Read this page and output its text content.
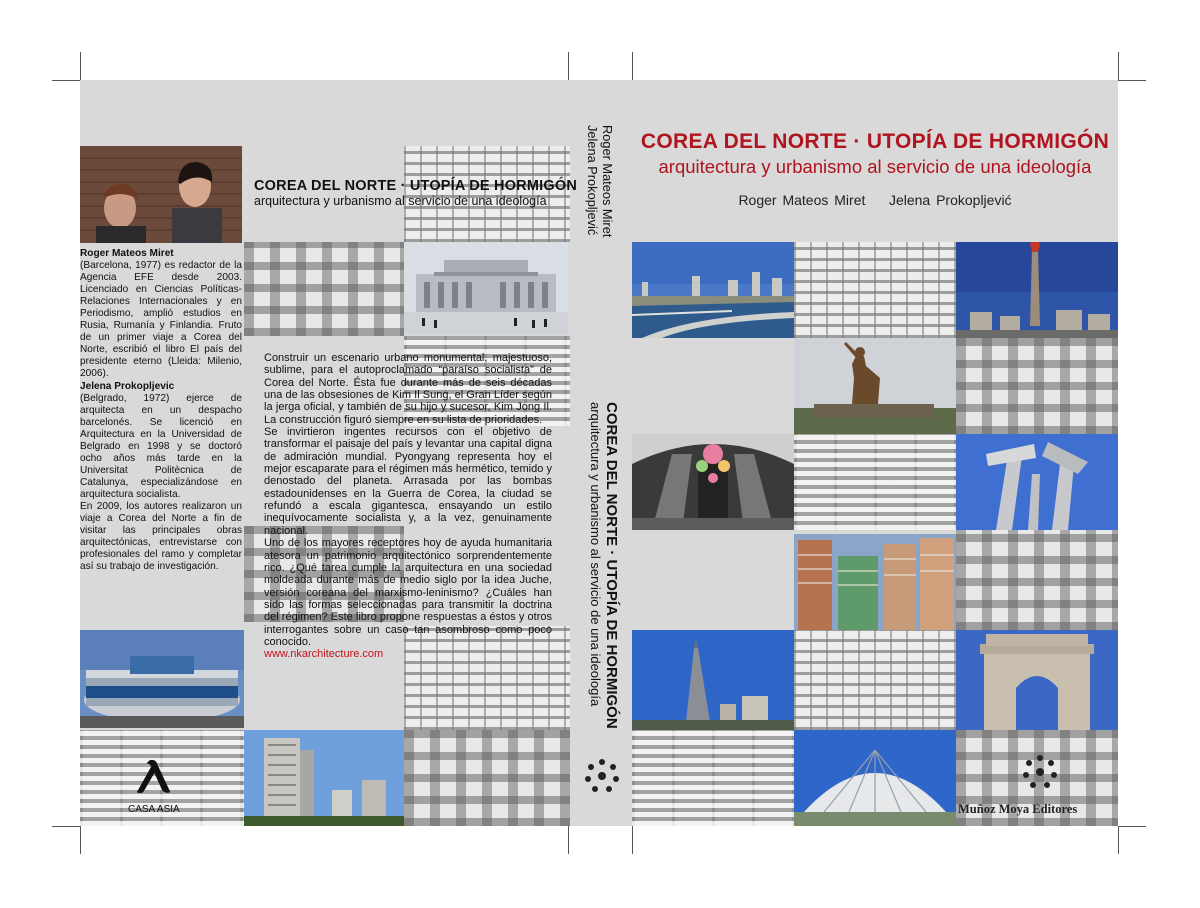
COREA DEL NORTE · UTOPÍA DE HORMIGÓN
arquitectura y urbanismo al servicio de una ideología

Roger Mateos Miret
(Barcelona, 1977) es redactor de la Agencia EFE desde 2003. Licenciado en Ciencias Políticas-Relaciones Internacionales y en Periodismo, amplió estudios en Rusia, Rumanía y Finlandia. Fruto de un primer viaje a Corea del Norte, escribió el libro El país del presidente eterno (Lleida: Milenio, 2006).

Jelena Prokopljevic
(Belgrado, 1972) ejerce de arquitecta en un despacho barcelonés. Se licenció en Arquitectura en la Universidad de Belgrado en 1998 y se doctoró ocho años más tarde en la Universitat Politècnica de Catalunya, especializándose en arquitectura socialista.

En 2009, los autores realizaron un viaje a Corea del Norte a fin de visitar las principales obras arquitectónicas, entrevistarse con profesionales del ramo y completar así su trabajo de investigación.

Construir un escenario urbano monumental, majestuoso, sublime, para el autoproclamado “paraíso socialista” de Corea del Norte. Ésta fue durante más de seis décadas una de las obsesiones de Kim Il Sung, el Gran Líder según la jerga oficial, y también de su hijo y sucesor, Kim Jong Il. La construcción figuró siempre en su lista de prioridades.

Se invirtieron ingentes recursos con el objetivo de transformar el paisaje del país y levantar una capital digna de admiración mundial. Pyongyang representa hoy el mejor escaparate para el régimen más hermético, temido y denostado del planeta. Arrasada por las bombas estadounidenses en la Guerra de Corea, la ciudad se refundó a escala gigantesca, ensayando un estilo inequívocamente socialista y, a la vez, genuinamente nacional.

Uno de los mayores receptores hoy de ayuda humanitaria atesora un patrimonio arquitectónico sorprendentemente rico. ¿Qué tarea cumple la arquitectura en una sociedad moldeada durante más de medio siglo por la idea Juche, versión coreana del marxismo-leninismo? ¿Cuáles han sido las formas seleccionadas para transmitir la doctrina del régimen? Este libro propone respuestas a éstos y otros interrogantes sobre un caso tan asombroso como poco conocido.

www.nkarchitecture.com

CASA ASIA
Roger Mateos Miret
Jelena Prokopljević
COREA DEL NORTE · UTOPÍA DE HORMIGÓN
arquitectura y urbanismo al servicio de una ideología
COREA DEL NORTE · UTOPÍA DE HORMIGÓN
arquitectura y urbanismo al servicio de una ideología
Roger Mateos Miret Jelena Prokopljević
Muñoz Moya Editores
